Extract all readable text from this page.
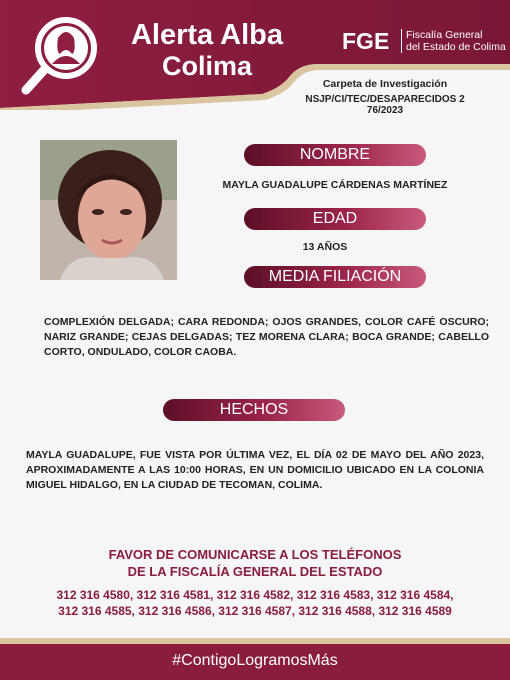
Alerta Alba
Colima
FGE Fiscalía General
del Estado de Colima
Carpeta de Investigación
NSJP/CI/TEC/DESAPARECIDOS 2 76/2023
NOMBRE
MAYLA GUADALUPE CÁRDENAS MARTÍNEZ
EDAD
13 AÑOS
MEDIA FILIACIÓN
COMPLEXIÓN DELGADA; CARA REDONDA; OJOS GRANDES, COLOR CAFÉ OSCURO; NARIZ GRANDE; CEJAS DELGADAS; TEZ MORENA CLARA; BOCA GRANDE; CABELLO CORTO, ONDULADO, COLOR CAOBA.
HECHOS
MAYLA GUADALUPE, FUE VISTA POR ÚLTIMA VEZ, EL DÍA 02 DE MAYO DEL AÑO 2023, APROXIMADAMENTE A LAS 10:00 HORAS, EN UN DOMICILIO UBICADO EN LA COLONIA MIGUEL HIDALGO, EN LA CIUDAD DE TECOMAN, COLIMA.
FAVOR DE COMUNICARSE A LOS TELÉFONOS
DE LA FISCALÍA GENERAL DEL ESTADO
312 316 4580, 312 316 4581, 312 316 4582, 312 316 4583, 312 316 4584, 312 316 4585, 312 316 4586, 312 316 4587, 312 316 4588, 312 316 4589
#ContigoLogramosMás
